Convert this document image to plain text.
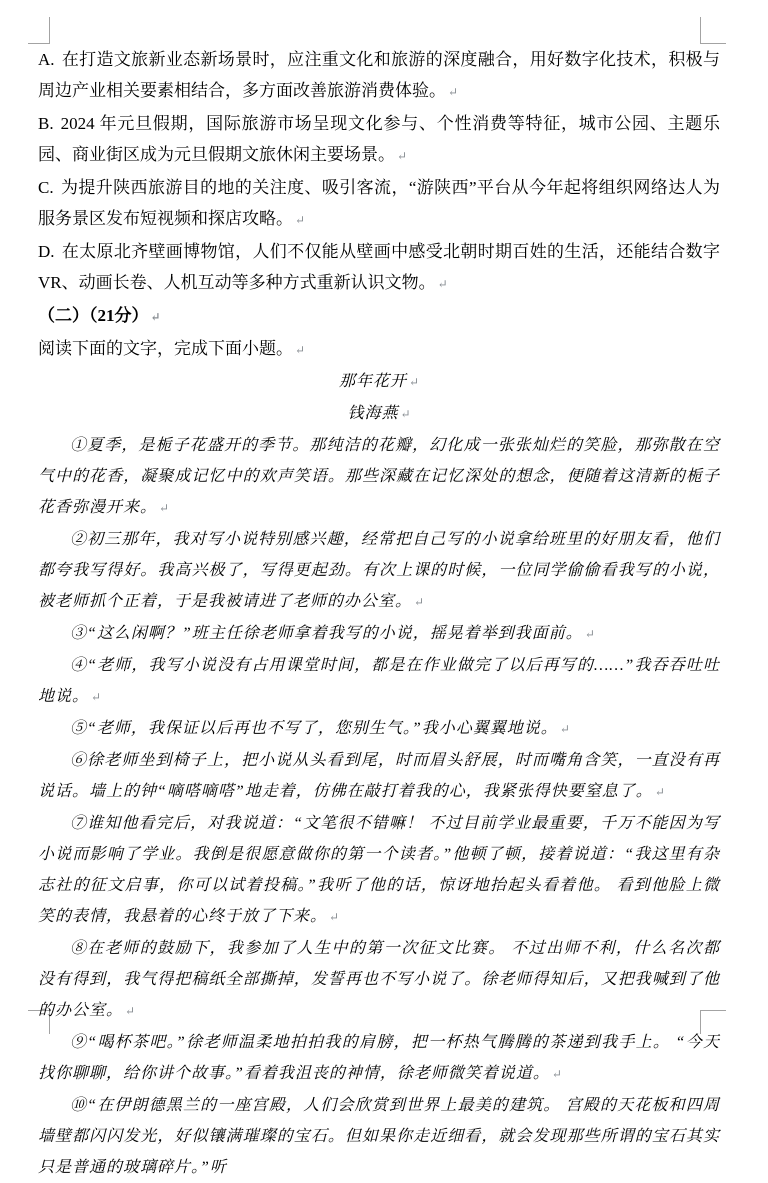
A. 在打造文旅新业态新场景时，应注重文化和旅游的深度融合，用好数字化技术，积极与周边产业相关要素相结合，多方面改善旅游消费体验。 ↵

B. 2024 年元旦假期，国际旅游市场呈现文化参与、个性消费等特征，城市公园、主题乐园、商业街区成为元旦假期文旅休闲主要场景。 ↵

C. 为提升陕西旅游目的地的关注度、吸引客流，“游陕西”平台从今年起将组织网络达人为服务景区发布短视频和探店攻略。 ↵

D. 在太原北齐壁画博物馆，人们不仅能从壁画中感受北朝时期百姓的生活，还能结合数字 VR、动画长卷、人机互动等多种方式重新认识文物。 ↵

（二）（21分） ↵

阅读下面的文字，完成下面小题。 ↵

那年花开 ↵

钱海燕 ↵

①夏季，是栀子花盛开的季节。那纯洁的花瓣，幻化成一张张灿烂的笑脸，那弥散在空气中的花香，凝聚成记忆中的欢声笑语。那些深藏在记忆深处的想念，便随着这清新的栀子花香弥漫开来。 ↵

②初三那年，我对写小说特别感兴趣，经常把自己写的小说拿给班里的好朋友看，他们都夸我写得好。我高兴极了，写得更起劲。有次上课的时候，一位同学偷偷看我写的小说，被老师抓个正着，于是我被请进了老师的办公室。 ↵

③“这么闲啊？”班主任徐老师拿着我写的小说，摇晃着举到我面前。 ↵

④“老师，我写小说没有占用课堂时间，都是在作业做完了以后再写的……”我吞吞吐吐地说。 ↵

⑤“老师，我保证以后再也不写了，您别生气。”我小心翼翼地说。 ↵

⑥徐老师坐到椅子上，把小说从头看到尾，时而眉头舒展，时而嘴角含笑，一直没有再说话。墙上的钟“嘀嗒嘀嗒”地走着，仿佛在敲打着我的心，我紧张得快要窒息了。 ↵

⑦谁知他看完后，对我说道：“文笔很不错嘛！ 不过目前学业最重要，千万不能因为写小说而影响了学业。我倒是很愿意做你的第一个读者。”他顿了顿，接着说道：“我这里有杂志社的征文启事，你可以试着投稿。”我听了他的话，惊讶地抬起头看着他。 看到他脸上微笑的表情，我悬着的心终于放了下来。 ↵

⑧在老师的鼓励下，我参加了人生中的第一次征文比赛。 不过出师不利，什么名次都没有得到，我气得把稿纸全部撕掉，发誓再也不写小说了。徐老师得知后，又把我喊到了他的办公室。 ↵

⑨“喝杯茶吧。”徐老师温柔地拍拍我的肩膀，把一杯热气腾腾的茶递到我手上。 “今天找你聊聊，给你讲个故事。”看着我沮丧的神情，徐老师微笑着说道。 ↵

⑩“在伊朗德黑兰的一座宫殿，人们会欣赏到世界上最美的建筑。 宫殿的天花板和四周墙壁都闪闪发光，好似镶满璀璨的宝石。但如果你走近细看，就会发现那些所谓的宝石其实只是普通的玻璃碎片。”听
